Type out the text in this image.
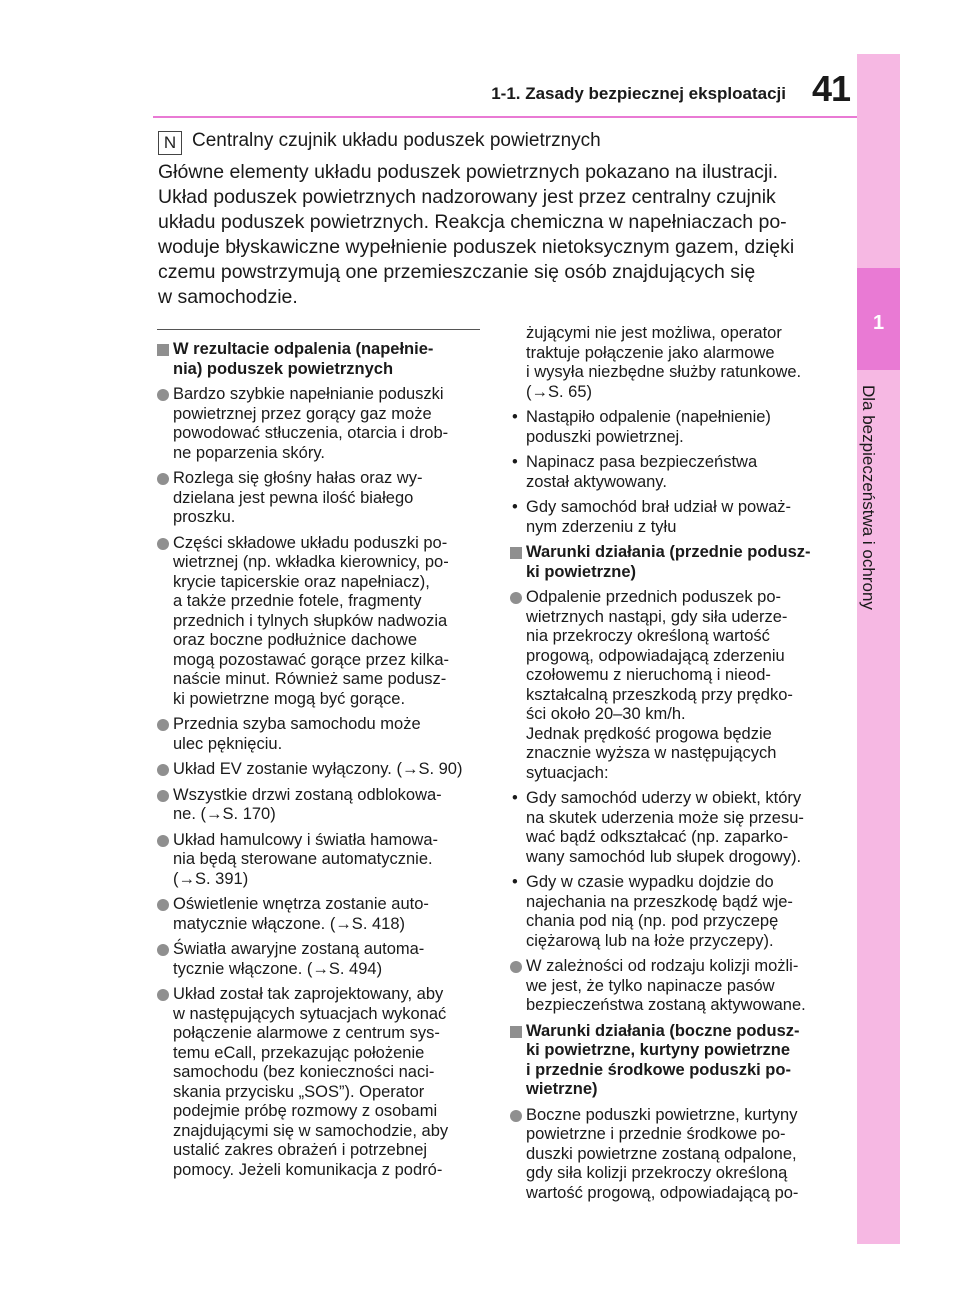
1
Dla bezpieczeństwa i ochrony
1-1. Zasady bezpiecznej eksploatacji 41
N Centralny czujnik układu poduszek powietrznych
Główne elementy układu poduszek powietrznych pokazano na ilustracji.
Układ poduszek powietrznych nadzorowany jest przez centralny czujnik
układu poduszek powietrznych. Reakcja chemiczna w napełniaczach po-
woduje błyskawiczne wypełnienie poduszek nietoksycznym gazem, dzięki
czemu powstrzymują one przemieszczanie się osób znajdujących się
w samochodzie.
W rezultacie odpalenia (napełnie-
nia) poduszek powietrznych
Bardzo szybkie napełnianie poduszki
powietrznej przez gorący gaz może
powodować stłuczenia, otarcia i drob-
ne poparzenia skóry.
Rozlega się głośny hałas oraz wy-
dzielana jest pewna ilość białego
proszku.
Części składowe układu poduszki po-
wietrznej (np. wkładka kierownicy, po-
krycie tapicerskie oraz napełniacz),
a także przednie fotele, fragmenty
przednich i tylnych słupków nadwozia
oraz boczne podłużnice dachowe
mogą pozostawać gorące przez kilka-
naście minut. Również same podusz-
ki powietrzne mogą być gorące.
Przednia szyba samochodu może
ulec pęknięciu.
Układ EV zostanie wyłączony. (→S. 90)
Wszystkie drzwi zostaną odblokowa-
ne. (→S. 170)
Układ hamulcowy i światła hamowa-
nia będą sterowane automatycznie.
(→S. 391)
Oświetlenie wnętrza zostanie auto-
matycznie włączone. (→S. 418)
Światła awaryjne zostaną automa-
tycznie włączone. (→S. 494)
Układ został tak zaprojektowany, aby
w następujących sytuacjach wykonać
połączenie alarmowe z centrum sys-
temu eCall, przekazując położenie
samochodu (bez konieczności naci-
skania przycisku „SOS”). Operator
podejmie próbę rozmowy z osobami
znajdującymi się w samochodzie, aby
ustalić zakres obrażeń i potrzebnej
pomocy. Jeżeli komunikacja z podró-
żującymi nie jest możliwa, operator
traktuje połączenie jako alarmowe
i wysyła niezbędne służby ratunkowe.
(→S. 65)
• Nastąpiło odpalenie (napełnienie)
poduszki powietrznej.
• Napinacz pasa bezpieczeństwa
został aktywowany.
• Gdy samochód brał udział w poważ-
nym zderzeniu z tyłu
Warunki działania (przednie podusz-
ki powietrzne)
Odpalenie przednich poduszek po-
wietrznych nastąpi, gdy siła uderze-
nia przekroczy określoną wartość
progową, odpowiadającą zderzeniu
czołowemu z nieruchomą i nieod-
kształcalną przeszkodą przy prędko-
ści około 20–30 km/h.
Jednak prędkość progowa będzie
znacznie wyższa w następujących
sytuacjach:
• Gdy samochód uderzy w obiekt, który
na skutek uderzenia może się przesu-
wać bądź odkształcać (np. zaparko-
wany samochód lub słupek drogowy).
• Gdy w czasie wypadku dojdzie do
najechania na przeszkodę bądź wje-
chania pod nią (np. pod przyczepę
ciężarową lub na łoże przyczepy).
W zależności od rodzaju kolizji możli-
we jest, że tylko napinacze pasów
bezpieczeństwa zostaną aktywowane.
Warunki działania (boczne podusz-
ki powietrzne, kurtyny powietrzne
i przednie środkowe poduszki po-
wietrzne)
Boczne poduszki powietrzne, kurtyny
powietrzne i przednie środkowe po-
duszki powietrzne zostaną odpalone,
gdy siła kolizji przekroczy określoną
wartość progową, odpowiadającą po-
